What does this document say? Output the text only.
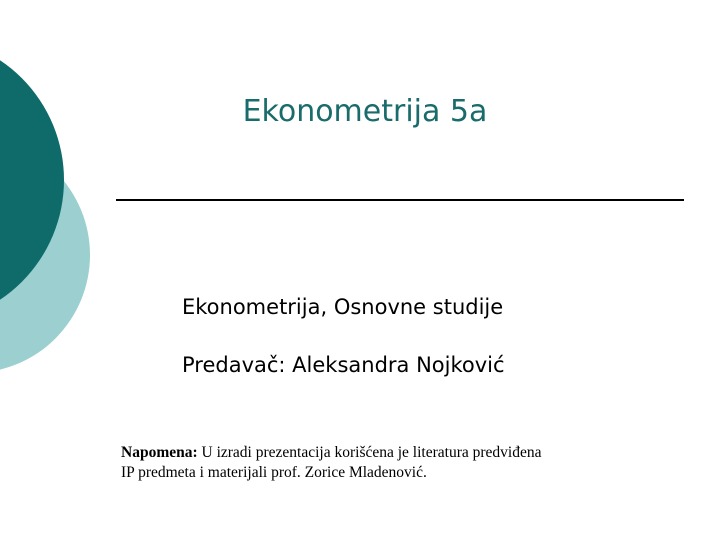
Ekonometrija 5a
Ekonometrija, Osnovne studije
Predavač: Aleksandra Nojković
Napomena: U izradi prezentacija korišćena je literatura predviđena
IP predmeta i materijali prof. Zorice Mladenović.
